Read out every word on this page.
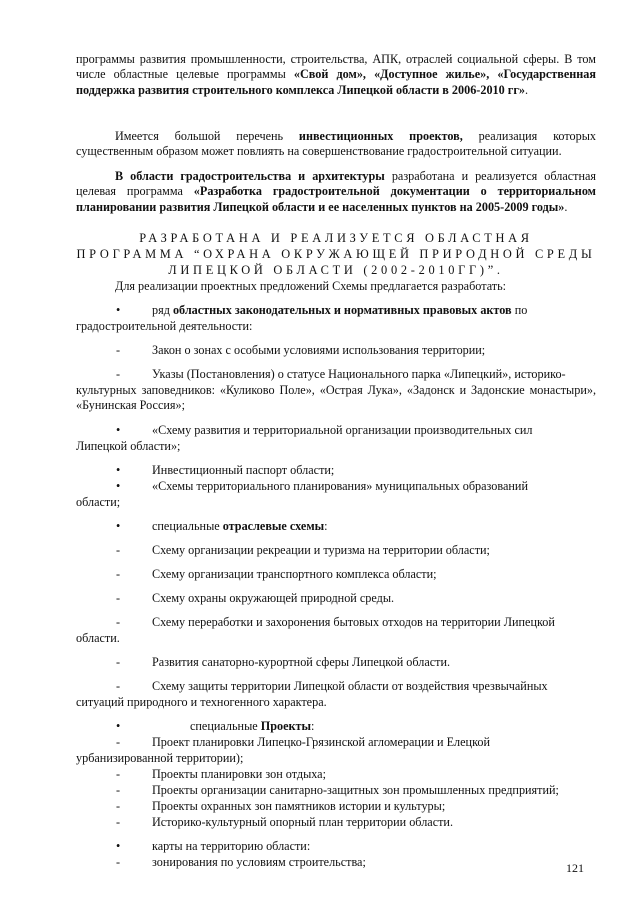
программы развития промышленности, строительства, АПК, отраслей социальной сферы. В том числе областные целевые программы «Свой дом», «Доступное жилье», «Государственная поддержка развития строительного комплекса Липецкой области в 2006-2010 гг».
Имеется большой перечень инвестиционных проектов, реализация которых существенным образом может повлиять на совершенствование градостроительной ситуации.
В области градостроительства и архитектуры разработана и реализуется областная целевая программа «Разработка градостроительной документации о территориальном планировании развития Липецкой области и ее населенных пунктов на 2005-2009 годы».
РАЗРАБОТАНА И РЕАЛИЗУЕТСЯ ОБЛАСТНАЯ
ПРОГРАММА “ОХРАНА ОКРУЖАЮЩЕЙ ПРИРОДНОЙ СРЕДЫ
ЛИПЕЦКОЙ ОБЛАСТИ (2002-2010ГГ)”.
Для реализации проектных предложений Схемы предлагается разработать:
•	ряд областных законодательных и нормативных правовых актов по
градостроительной деятельности:
-	Закон о зонах с особыми условиями использования территории;
-	Указы (Постановления) о статусе Национального парка «Липецкий», историко-
культурных заповедников: «Куликово Поле», «Острая Лука», «Задонск и Задонские монастыри», «Бунинская Россия»;
•	«Схему развития и территориальной организации производительных сил
Липецкой области»;
•	Инвестиционный паспорт области;
•	«Схемы территориального планирования» муниципальных образований
области;
•	специальные отраслевые схемы:
-	Схему организации рекреации и туризма на территории области;
-	Схему организации транспортного комплекса области;
-	Схему охраны окружающей природной среды.
-	Схему переработки и захоронения бытовых отходов на территории Липецкой
области.
-	Развития санаторно-курортной сферы Липецкой области.
-	Схему защиты территории Липецкой области от воздействия чрезвычайных
ситуаций природного и техногенного характера.
•	специальные Проекты:
-	Проект планировки Липецко-Грязинской агломерации и Елецкой
урбанизированной территории);
-	Проекты планировки зон отдыха;
-	Проекты организации санитарно-защитных зон промышленных предприятий;
-	Проекты охранных зон памятников истории и культуры;
-	Историко-культурный опорный план территории области.
•	карты на территорию области:
-	зонирования по условиям строительства;	121
